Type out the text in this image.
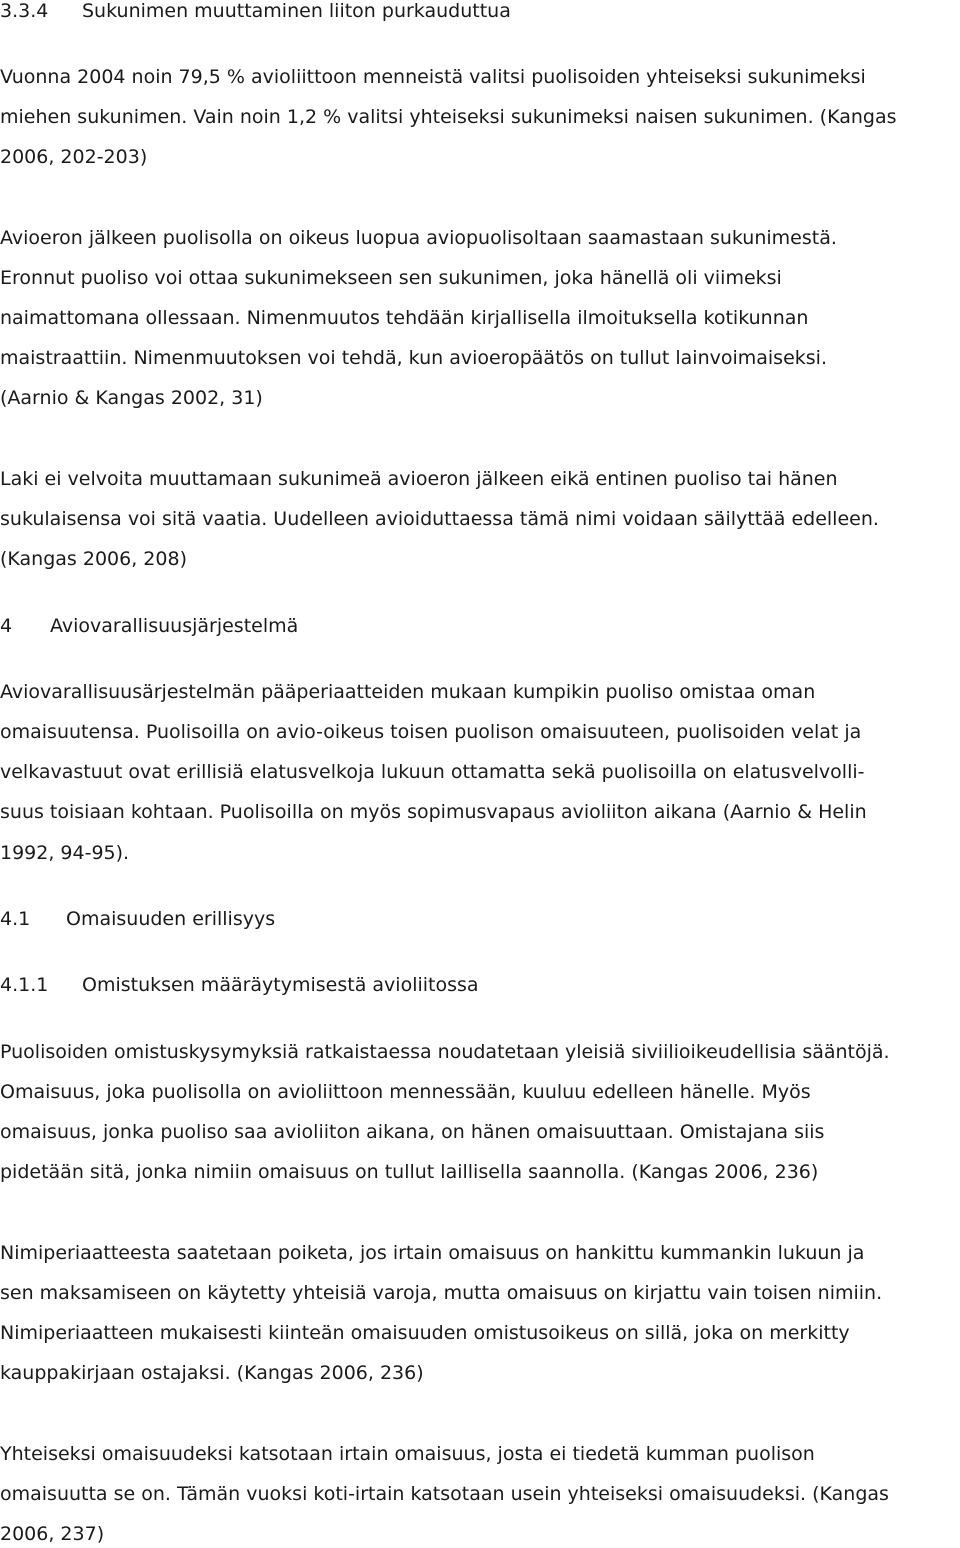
3.3.4 Sukunimen muuttaminen liiton purkauduttua
Vuonna 2004 noin 79,5 % avioliittoon menneistä valitsi puolisoiden yhteiseksi sukunimeksi
miehen sukunimen. Vain noin 1,2 % valitsi yhteiseksi sukunimeksi naisen sukunimen. (Kangas
2006, 202-203)
Avioeron jälkeen puolisolla on oikeus luopua aviopuolisoltaan saamastaan sukunimestä.
Eronnut puoliso voi ottaa sukunimekseen sen sukunimen, joka hänellä oli viimeksi
naimattomana ollessaan. Nimenmuutos tehdään kirjallisella ilmoituksella kotikunnan
maistraattiin. Nimenmuutoksen voi tehdä, kun avioeropäätös on tullut lainvoimaiseksi.
(Aarnio & Kangas 2002, 31)
Laki ei velvoita muuttamaan sukunimeä avioeron jälkeen eikä entinen puoliso tai hänen
sukulaisensa voi sitä vaatia. Uudelleen avioiduttaessa tämä nimi voidaan säilyttää edelleen.
(Kangas 2006, 208)
4 Aviovarallisuusjärjestelmä
Aviovarallisuusärjestelmän pääperiaatteiden mukaan kumpikin puoliso omistaa oman
omaisuutensa. Puolisoilla on avio-oikeus toisen puolison omaisuuteen, puolisoiden velat ja
velkavastuut ovat erillisiä elatusvelkoja lukuun ottamatta sekä puolisoilla on elatusvelvolli-
suus toisiaan kohtaan. Puolisoilla on myös sopimusvapaus avioliiton aikana (Aarnio & Helin
1992, 94-95).
4.1 Omaisuuden erillisyys
4.1.1 Omistuksen määräytymisestä avioliitossa
Puolisoiden omistuskysymyksiä ratkaistaessa noudatetaan yleisiä siviilioikeudellisia sääntöjä.
Omaisuus, joka puolisolla on avioliittoon mennessään, kuuluu edelleen hänelle. Myös
omaisuus, jonka puoliso saa avioliiton aikana, on hänen omaisuuttaan. Omistajana siis
pidetään sitä, jonka nimiin omaisuus on tullut laillisella saannolla. (Kangas 2006, 236)
Nimiperiaatteesta saatetaan poiketa, jos irtain omaisuus on hankittu kummankin lukuun ja
sen maksamiseen on käytetty yhteisiä varoja, mutta omaisuus on kirjattu vain toisen nimiin.
Nimiperiaatteen mukaisesti kiinteän omaisuuden omistusoikeus on sillä, joka on merkitty
kauppakirjaan ostajaksi. (Kangas 2006, 236)
Yhteiseksi omaisuudeksi katsotaan irtain omaisuus, josta ei tiedetä kumman puolison
omaisuutta se on. Tämän vuoksi koti-irtain katsotaan usein yhteiseksi omaisuudeksi. (Kangas
2006, 237)
